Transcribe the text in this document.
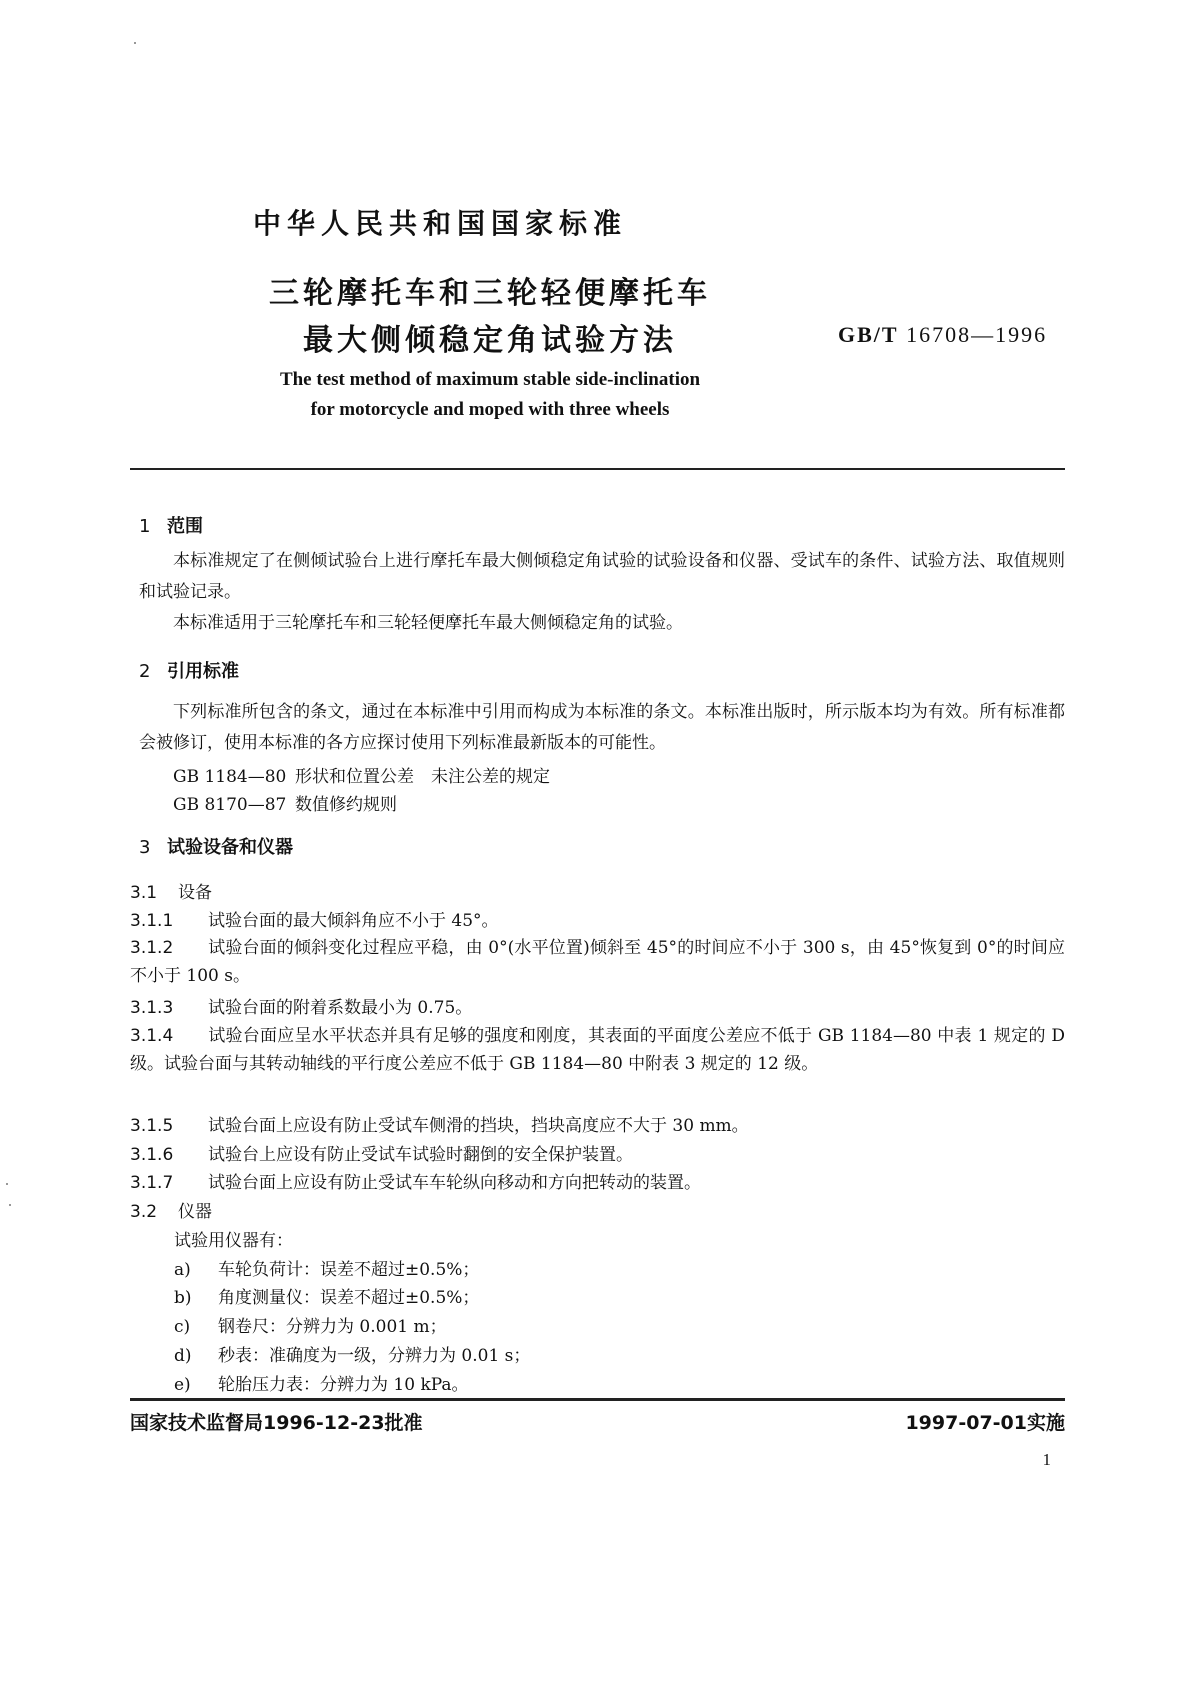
中华人民共和国国家标准
三轮摩托车和三轮轻便摩托车
最大侧倾稳定角试验方法	GB/T 16708—1996
The test method of maximum stable side-inclination
for motorcycle and moped with three wheels
1 范围
本标准规定了在侧倾试验台上进行摩托车最大侧倾稳定角试验的试验设备和仪器、受试车的条件、试验方法、取值规则和试验记录。
本标准适用于三轮摩托车和三轮轻便摩托车最大侧倾稳定角的试验。
2 引用标准
下列标准所包含的条文，通过在本标准中引用而构成为本标准的条文。本标准出版时，所示版本均为有效。所有标准都会被修订，使用本标准的各方应探讨使用下列标准最新版本的可能性。
GB 1184—80 形状和位置公差　未注公差的规定
GB 8170—87 数值修约规则
3 试验设备和仪器
3.1 设备
3.1.1 试验台面的最大倾斜角应不小于 45°。
3.1.2 试验台面的倾斜变化过程应平稳，由 0°(水平位置)倾斜至 45°的时间应不小于 300 s，由 45°恢复到 0°的时间应不小于 100 s。
3.1.3 试验台面的附着系数最小为 0.75。
3.1.4 试验台面应呈水平状态并具有足够的强度和刚度，其表面的平面度公差应不低于 GB 1184—80 中表 1 规定的 D 级。试验台面与其转动轴线的平行度公差应不低于 GB 1184—80 中附表 3 规定的 12 级。
3.1.5 试验台面上应设有防止受试车侧滑的挡块，挡块高度应不大于 30 mm。
3.1.6 试验台上应设有防止受试车试验时翻倒的安全保护装置。
3.1.7 试验台面上应设有防止受试车车轮纵向移动和方向把转动的装置。
3.2 仪器
试验用仪器有：
a) 车轮负荷计：误差不超过±0.5%；
b) 角度测量仪：误差不超过±0.5%；
c) 钢卷尺：分辨力为 0.001 m；
d) 秒表：准确度为一级，分辨力为 0.01 s；
e) 轮胎压力表：分辨力为 10 kPa。
国家技术监督局1996-12-23批准	1997-07-01实施
1
